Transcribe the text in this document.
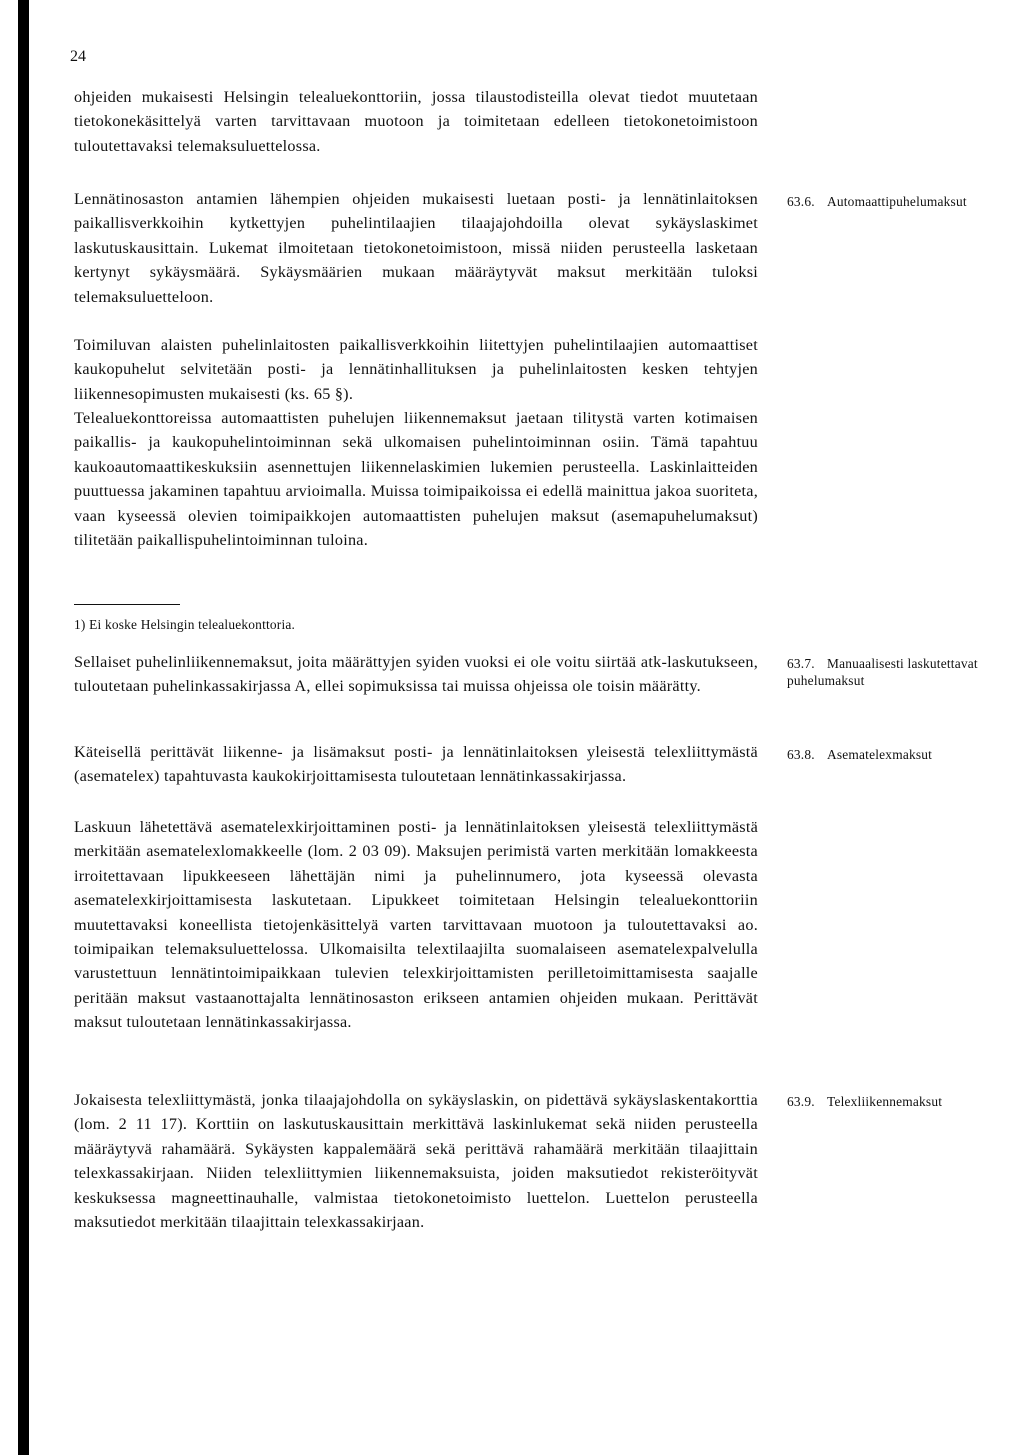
24
ohjeiden mukaisesti Helsingin telealuekonttoriin, jossa tilaustodisteilla olevat tiedot muutetaan tietokonekäsittelyä varten tarvittavaan muotoon ja toimitetaan edelleen tietokonetoimistoon tuloutettavaksi telemaksuluettelossa.
Lennätinosaston antamien lähempien ohjeiden mukaisesti luetaan posti- ja lennätinlaitoksen paikallisverkkoihin kytkettyjen puhelintilaajien tilaajajohdoilla olevat sykäyslaskimet laskutuskausittain. Lukemat ilmoitetaan tietokonetoimistoon, missä niiden perusteella lasketaan kertynyt sykäysmäärä. Sykäysmäärien mukaan määräytyvät maksut merkitään tuloksi telemaksuluetteloon.
Toimiluvan alaisten puhelinlaitosten paikallisverkkoihin liitettyjen puhelintilaajien automaattiset kaukopuhelut selvitetään posti- ja lennätinhallituksen ja puhelinlaitosten kesken tehtyjen liikennesopimusten mukaisesti (ks. 65 §).
Telealuekonttoreissa automaattisten puhelujen liikennemaksut jaetaan tilitystä varten kotimaisen paikallis- ja kaukopuhelintoiminnan sekä ulkomaisen puhelintoiminnan osiin. Tämä tapahtuu kaukoautomaattikeskuksiin asennettujen liikennelaskimien lukemien perusteella. Laskinlaitteiden puuttuessa jakaminen tapahtuu arvioimalla. Muissa toimipaikoissa ei edellä mainittua jakoa suoriteta, vaan kyseessä olevien toimipaikkojen automaattisten puhelujen maksut (asemapuhelumaksut) tilitetään paikallispuhelintoiminnan tuloina.
1) Ei koske Helsingin telealuekonttoria.
Sellaiset puhelinliikennemaksut, joita määrättyjen syiden vuoksi ei ole voitu siirtää atk-laskutukseen, tuloutetaan puhelinkassakirjassa A, ellei sopimuksissa tai muissa ohjeissa ole toisin määrätty.
Käteisellä perittävät liikenne- ja lisämaksut posti- ja lennätinlaitoksen yleisestä telexliittymästä (asematelex) tapahtuvasta kaukokirjoittamisesta tuloutetaan lennätinkassakirjassa.
Laskuun lähetettävä asematelexkirjoittaminen posti- ja lennätinlaitoksen yleisestä telexliittymästä merkitään asematelexlomakkeelle (lom. 2 03 09). Maksujen perimistä varten merkitään lomakkeesta irroitettavaan lipukkeeseen lähettäjän nimi ja puhelinnumero, jota kyseessä olevasta asematelexkirjoittamisesta laskutetaan. Lipukkeet toimitetaan Helsingin telealuekonttoriin muutettavaksi koneellista tietojenkäsittelyä varten tarvittavaan muotoon ja tuloutettavaksi ao. toimipaikan telemaksuluettelossa. Ulkomaisilta telextilaajilta suomalaiseen asematelexpalvelulla varustettuun lennätintoimipaikkaan tulevien telexkirjoittamisten perilletoimittamisesta saajalle peritään maksut vastaanottajalta lennätinosaston erikseen antamien ohjeiden mukaan. Perittävät maksut tuloutetaan lennätinkassakirjassa.
Jokaisesta telexliittymästä, jonka tilaajajohdolla on sykäyslaskin, on pidettävä sykäyslaskentakorttia (lom. 2 11 17). Korttiin on laskutuskausittain merkittävä laskinlukemat sekä niiden perusteella määräytyvä rahamäärä. Sykäysten kappalemäärä sekä perittävä rahamäärä merkitään tilaajittain telexkassakirjaan. Niiden telexliittymien liikennemaksuista, joiden maksutiedot rekisteröityvät keskuksessa magneettinauhalle, valmistaa tietokonetoimisto luettelon. Luettelon perusteella maksutiedot merkitään tilaajittain telexkassakirjaan.
63.6. Automaattipuhelumaksut
63.7. Manuaalisesti laskutettavat puhelumaksut
63.8. Asematelexmaksut
63.9. Telexliikennemaksut
